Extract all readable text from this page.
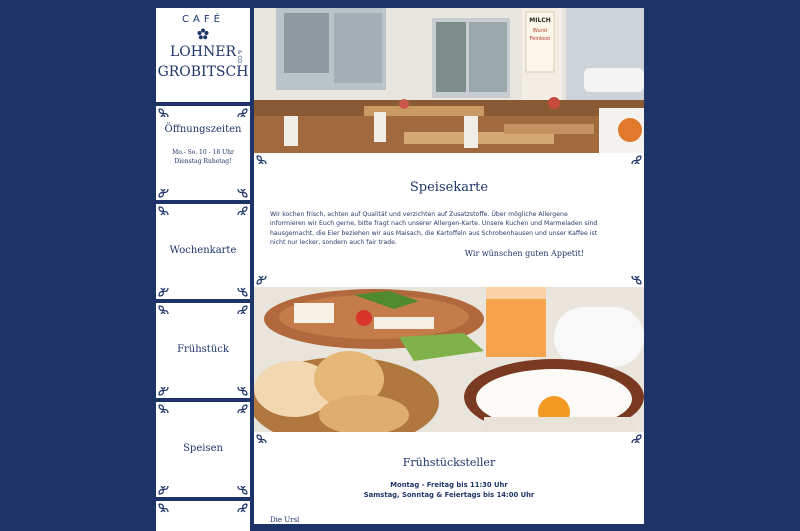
CAFÉ
LOHNER & CO
GROBITSCH
Öffnungszeiten
Mo.- So. 10 - 18 Uhr
Dienstag Ruhetag!
Wochenkarte
Frühstück
Speisen
MILCH
Wurst
Feinkost
Speisekarte
Wir kochen frisch, achten auf Qualität und verzichten auf Zusatzstoffe. Über mögliche Allergene informieren wir Euch gerne, bitte fragt nach unserer Allergen-Karte. Unsere Kuchen und Marmeladen sind hausgemacht, die Eier beziehen wir aus Maisach, die Kartoffeln aus Schrobenhausen und unser Kaffee ist nicht nur lecker, sondern auch fair trade.
Wir wünschen guten Appetit!
Frühstücksteller
Montag - Freitag bis 11:30 Uhr
Samstag, Sonntag & Feiertags bis 14:00 Uhr
Die Ursl
